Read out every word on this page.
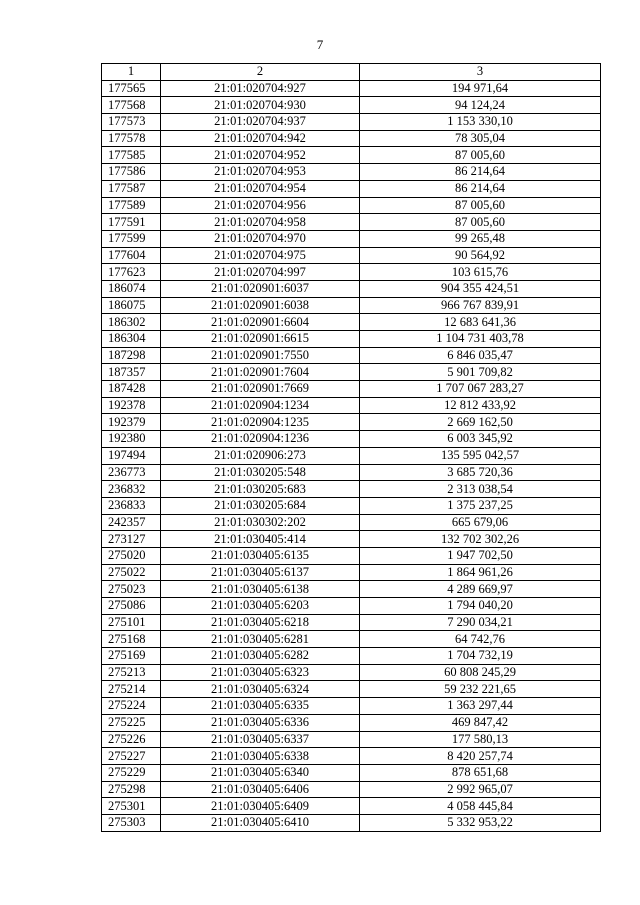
7
1	2	3
177565	21:01:020704:927	194 971,64
177568	21:01:020704:930	94 124,24
177573	21:01:020704:937	1 153 330,10
177578	21:01:020704:942	78 305,04
177585	21:01:020704:952	87 005,60
177586	21:01:020704:953	86 214,64
177587	21:01:020704:954	86 214,64
177589	21:01:020704:956	87 005,60
177591	21:01:020704:958	87 005,60
177599	21:01:020704:970	99 265,48
177604	21:01:020704:975	90 564,92
177623	21:01:020704:997	103 615,76
186074	21:01:020901:6037	904 355 424,51
186075	21:01:020901:6038	966 767 839,91
186302	21:01:020901:6604	12 683 641,36
186304	21:01:020901:6615	1 104 731 403,78
187298	21:01:020901:7550	6 846 035,47
187357	21:01:020901:7604	5 901 709,82
187428	21:01:020901:7669	1 707 067 283,27
192378	21:01:020904:1234	12 812 433,92
192379	21:01:020904:1235	2 669 162,50
192380	21:01:020904:1236	6 003 345,92
197494	21:01:020906:273	135 595 042,57
236773	21:01:030205:548	3 685 720,36
236832	21:01:030205:683	2 313 038,54
236833	21:01:030205:684	1 375 237,25
242357	21:01:030302:202	665 679,06
273127	21:01:030405:414	132 702 302,26
275020	21:01:030405:6135	1 947 702,50
275022	21:01:030405:6137	1 864 961,26
275023	21:01:030405:6138	4 289 669,97
275086	21:01:030405:6203	1 794 040,20
275101	21:01:030405:6218	7 290 034,21
275168	21:01:030405:6281	64 742,76
275169	21:01:030405:6282	1 704 732,19
275213	21:01:030405:6323	60 808 245,29
275214	21:01:030405:6324	59 232 221,65
275224	21:01:030405:6335	1 363 297,44
275225	21:01:030405:6336	469 847,42
275226	21:01:030405:6337	177 580,13
275227	21:01:030405:6338	8 420 257,74
275229	21:01:030405:6340	878 651,68
275298	21:01:030405:6406	2 992 965,07
275301	21:01:030405:6409	4 058 445,84
275303	21:01:030405:6410	5 332 953,22
